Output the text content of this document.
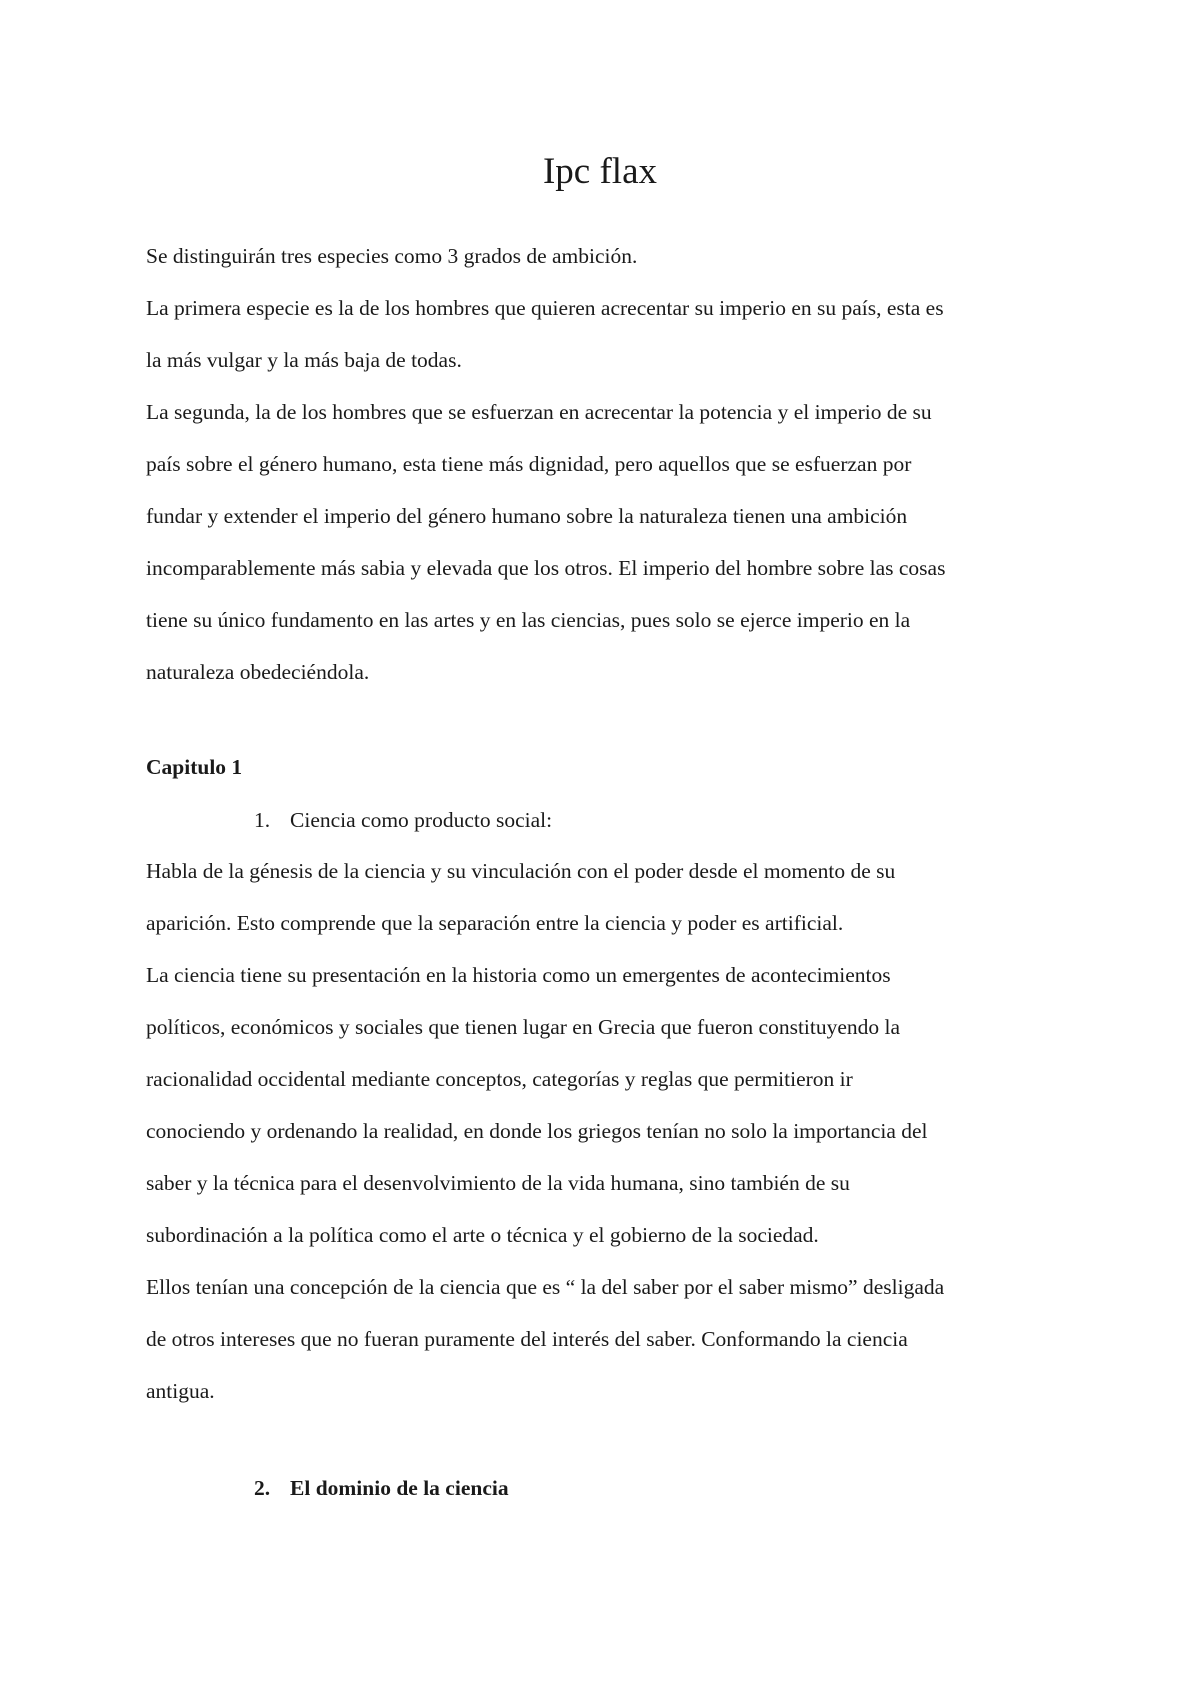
Ipc flax
Se distinguirán tres especies como 3 grados de ambición.
La primera especie es la de los hombres que quieren acrecentar su imperio en su país, esta es
la más vulgar y la más baja de todas.
La segunda, la de los hombres que se esfuerzan en acrecentar la potencia y el imperio de su
país sobre el género humano, esta tiene más dignidad, pero aquellos que se esfuerzan por
fundar y extender el imperio del género humano sobre la naturaleza tienen una ambición
incomparablemente más sabia y elevada que los otros. El imperio del hombre sobre las cosas
tiene su único fundamento en las artes y en las ciencias, pues solo se ejerce imperio en la
naturaleza obedeciéndola.
Capitulo 1
1. Ciencia como producto social:
Habla de la génesis de la ciencia y su vinculación con el poder desde el momento de su
aparición. Esto comprende que la separación entre la ciencia y poder es artificial.
La ciencia tiene su presentación en la historia como un emergentes de acontecimientos
políticos, económicos y sociales que tienen lugar en Grecia que fueron constituyendo la
racionalidad occidental mediante conceptos, categorías y reglas que permitieron ir
conociendo y ordenando la realidad, en donde los griegos tenían no solo la importancia del
saber y la técnica para el desenvolvimiento de la vida humana, sino también de su
subordinación a la política como el arte o técnica y el gobierno de la sociedad.
Ellos tenían una concepción de la ciencia que es “ la del saber por el saber mismo” desligada
de otros intereses que no fueran puramente del interés del saber. Conformando la ciencia
antigua.
2. El dominio de la ciencia
